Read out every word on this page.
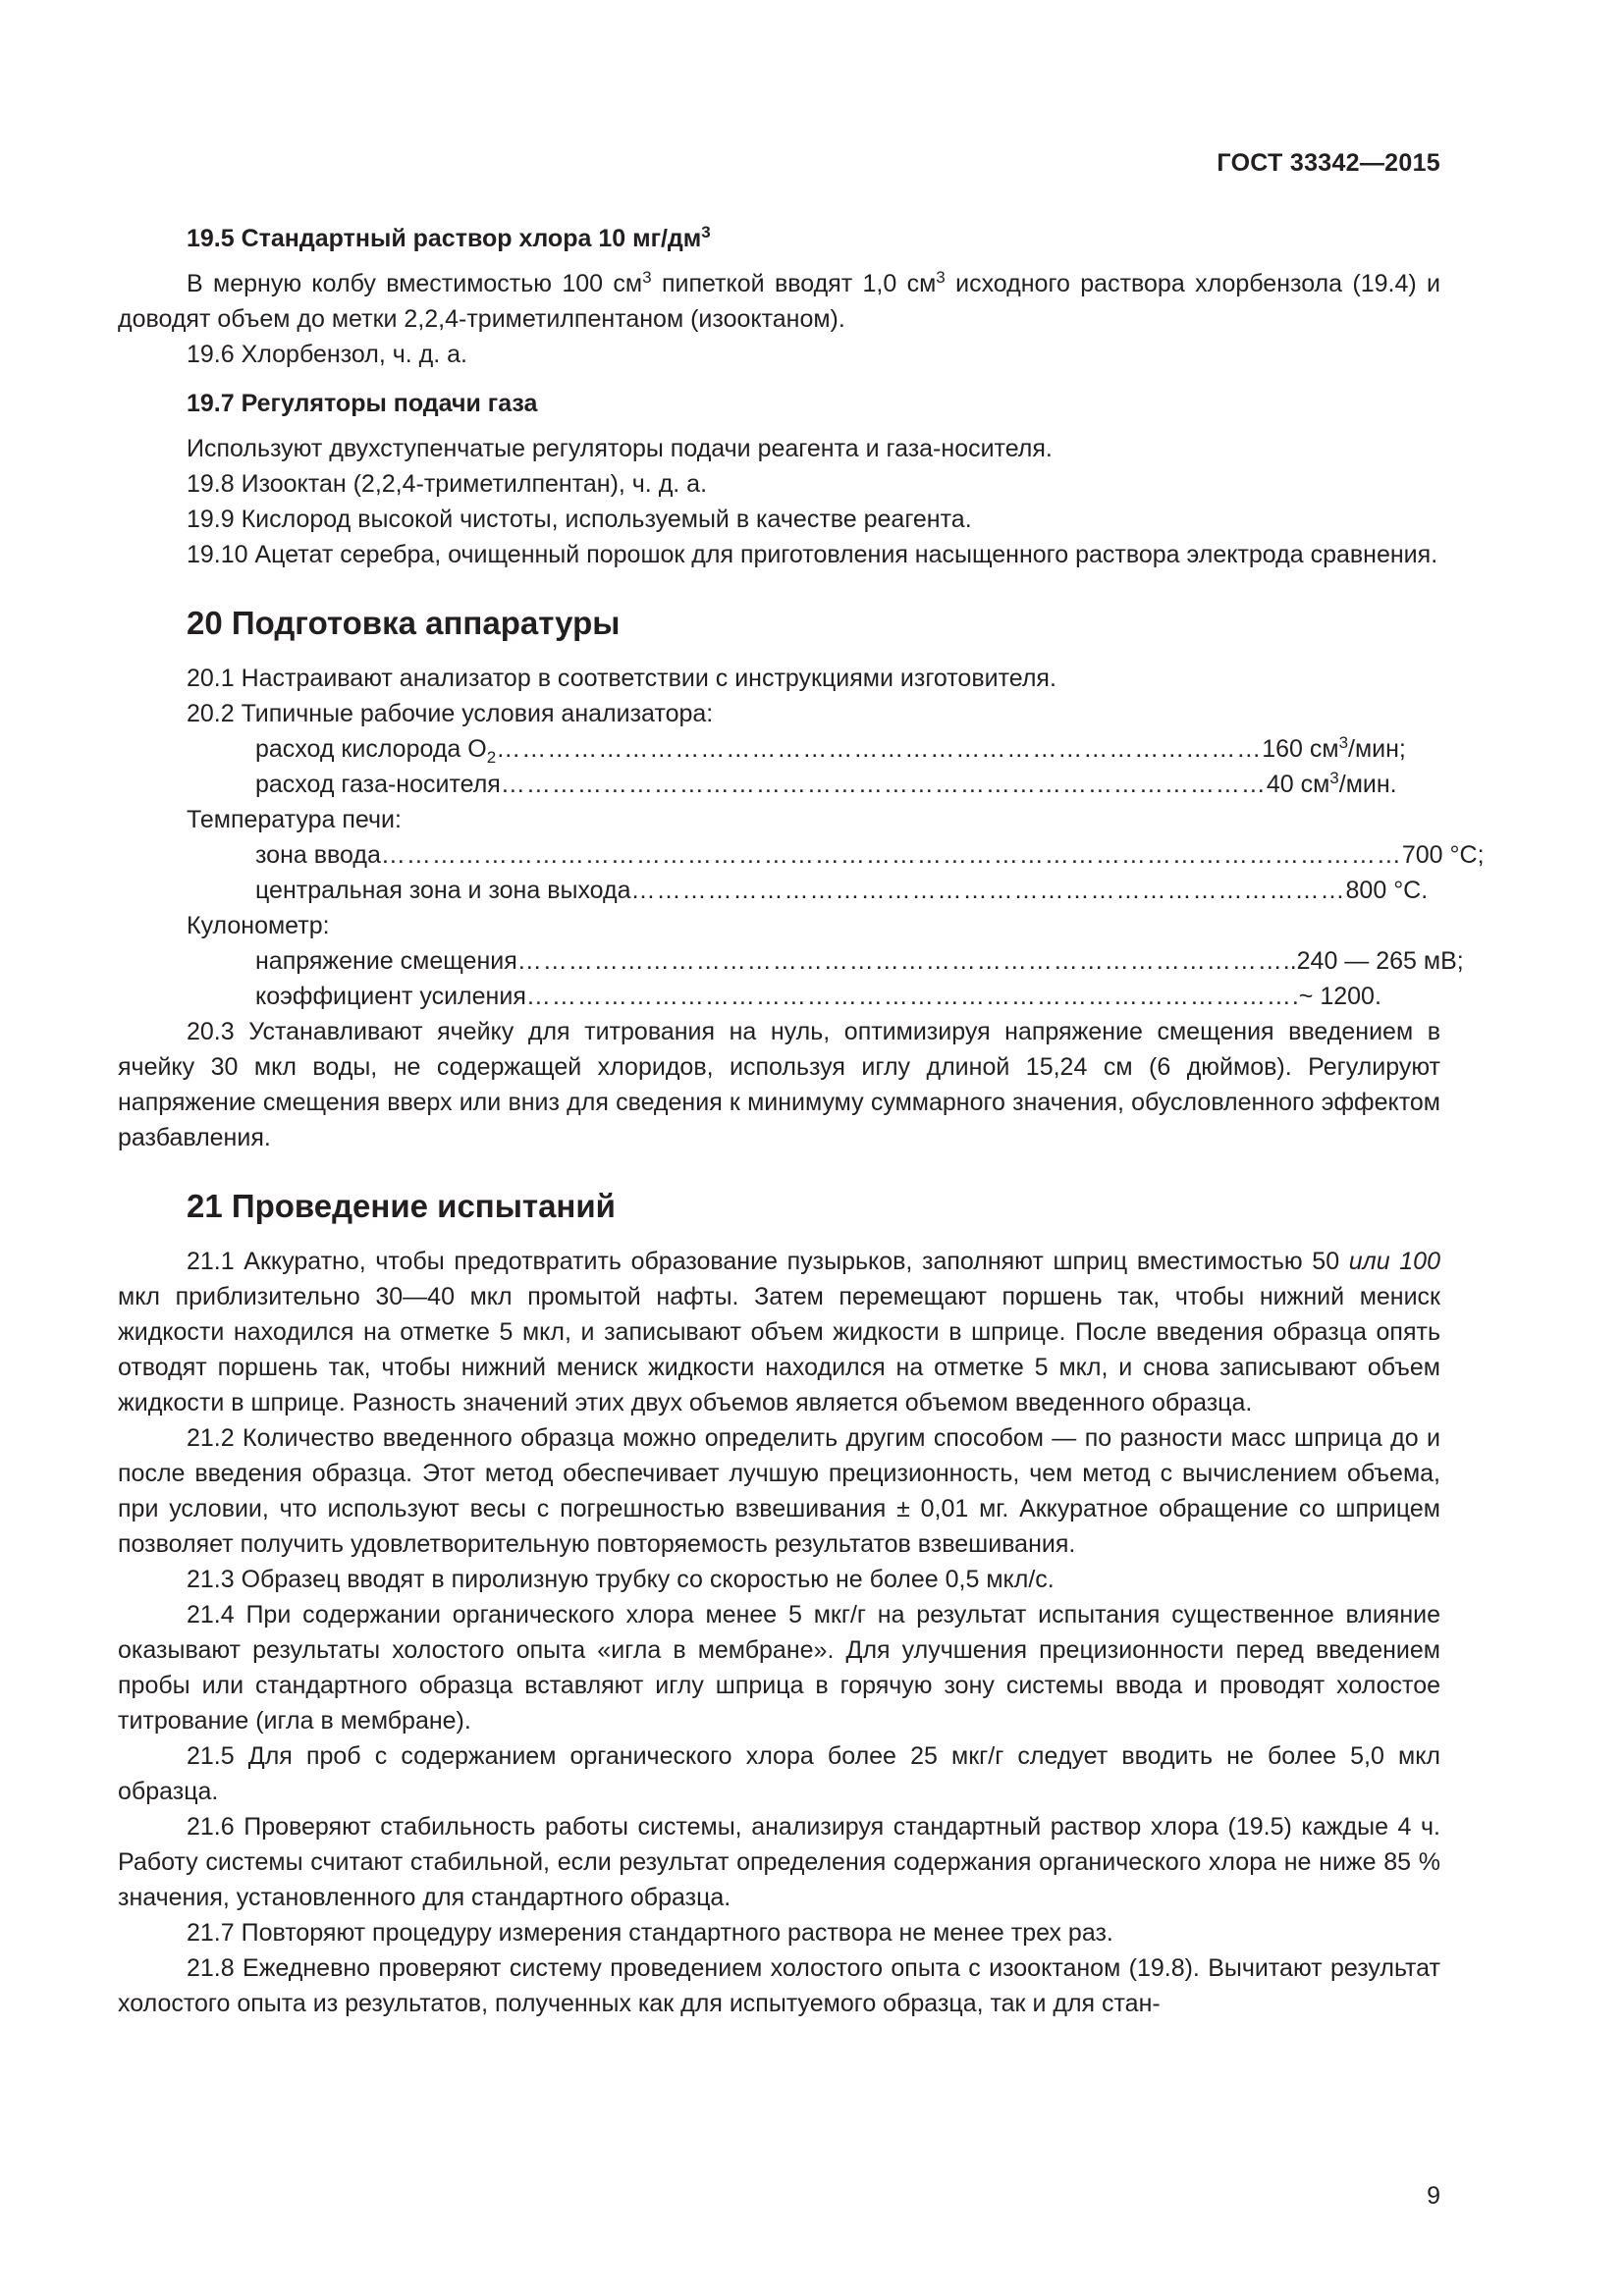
ГОСТ 33342—2015

19.5 Стандартный раствор хлора 10 $мг/дм^3$

В мерную колбу вместимостью 100 $см^3$ пипеткой вводят 1,0 $см^3$ исходного раствора хлорбензола (19.4) и доводят объем до метки 2,2,4-триметилпентаном (изооктаном).

19.6 Хлорбензол, ч. д. а.

19.7 Регуляторы подачи газа

Используют двухступенчатые регуляторы подачи реагента и газа-носителя.

19.8 Изооктан (2,2,4-триметилпентан), ч. д. а.

19.9 Кислород высокой чистоты, используемый в качестве реагента.

19.10 Ацетат серебра, очищенный порошок для приготовления насыщенного раствора электрода сравнения.

20 Подготовка аппаратуры

20.1 Настраивают анализатор в соответствии с инструкциями изготовителя.

20.2 Типичные рабочие условия анализатора:

расход кислорода $O_2$ ……………………………………………………………………………… 160 $см^3$/мин;
расход газа-носителя ……………………………………………………………………………… 40 $см^3$/мин.

Температура печи:

зона ввода ………………………………………………………………………………………………………… 700 °С;
центральная зона и зона выхода ………………………………………………………………………… 800 °С.

Кулонометр:

напряжение смещения ……………………………………………………………………………… ..240 — 265 мВ;
коэффициент усиления ……………………………………………………………………………… .~ 1200.

20.3 Устанавливают ячейку для титрования на нуль, оптимизируя напряжение смещения введением в ячейку 30 мкл воды, не содержащей хлоридов, используя иглу длиной 15,24 см (6 дюймов). Регулируют напряжение смещения вверх или вниз для сведения к минимуму суммарного значения, обусловленного эффектом разбавления.

21 Проведение испытаний

21.1 Аккуратно, чтобы предотвратить образование пузырьков, заполняют шприц вместимостью 50 или 100 мкл приблизительно 30—40 мкл промытой нафты. Затем перемещают поршень так, чтобы нижний мениск жидкости находился на отметке 5 мкл, и записывают объем жидкости в шприце. После введения образца опять отводят поршень так, чтобы нижний мениск жидкости находился на отметке 5 мкл, и снова записывают объем жидкости в шприце. Разность значений этих двух объемов является объемом введенного образца.

21.2 Количество введенного образца можно определить другим способом — по разности масс шприца до и после введения образца. Этот метод обеспечивает лучшую прецизионность, чем метод с вычислением объема, при условии, что используют весы с погрешностью взвешивания ± 0,01 мг. Аккуратное обращение со шприцем позволяет получить удовлетворительную повторяемость результатов взвешивания.

21.3 Образец вводят в пиролизную трубку со скоростью не более 0,5 мкл/с.

21.4 При содержании органического хлора менее 5 мкг/г на результат испытания существенное влияние оказывают результаты холостого опыта «игла в мембране». Для улучшения прецизионности перед введением пробы или стандартного образца вставляют иглу шприца в горячую зону системы ввода и проводят холостое титрование (игла в мембране).

21.5 Для проб с содержанием органического хлора более 25 мкг/г следует вводить не более 5,0 мкл образца.

21.6 Проверяют стабильность работы системы, анализируя стандартный раствор хлора (19.5) каждые 4 ч. Работу системы считают стабильной, если результат определения содержания органического хлора не ниже 85 % значения, установленного для стандартного образца.

21.7 Повторяют процедуру измерения стандартного раствора не менее трех раз.

21.8 Ежедневно проверяют систему проведением холостого опыта с изооктаном (19.8). Вычитают результат холостого опыта из результатов, полученных как для испытуемого образца, так и для стан-

9
